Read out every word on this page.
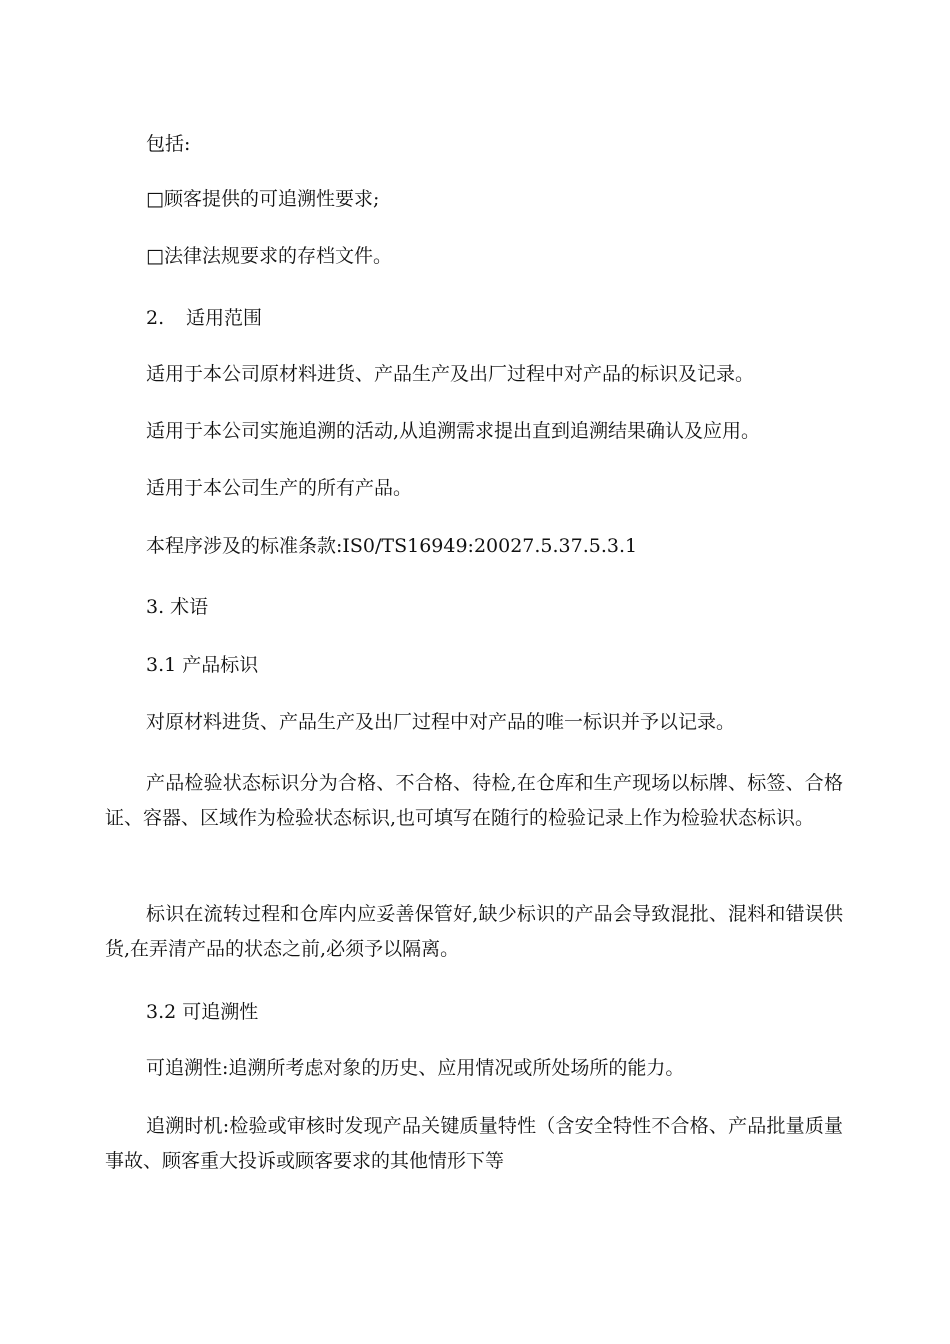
包括:
□顾客提供的可追溯性要求;
□法律法规要求的存档文件。
2. 适用范围
适用于本公司原材料进货、产品生产及出厂过程中对产品的标识及记录。
适用于本公司实施追溯的活动,从追溯需求提出直到追溯结果确认及应用。
适用于本公司生产的所有产品。
本程序涉及的标准条款:IS0/TS16949:20027.5.37.5.3.1
3. 术语
3.1 产品标识
对原材料进货、产品生产及出厂过程中对产品的唯一标识并予以记录。
产品检验状态标识分为合格、不合格、待检,在仓库和生产现场以标牌、标签、合格证、容器、区域作为检验状态标识,也可填写在随行的检验记录上作为检验状态标识。
标识在流转过程和仓库内应妥善保管好,缺少标识的产品会导致混批、混料和错误供货,在弄清产品的状态之前,必须予以隔离。
3.2 可追溯性
可追溯性:追溯所考虑对象的历史、应用情况或所处场所的能力。
追溯时机:检验或审核时发现产品关键质量特性（含安全特性不合格、产品批量质量事故、顾客重大投诉或顾客要求的其他情形下等
